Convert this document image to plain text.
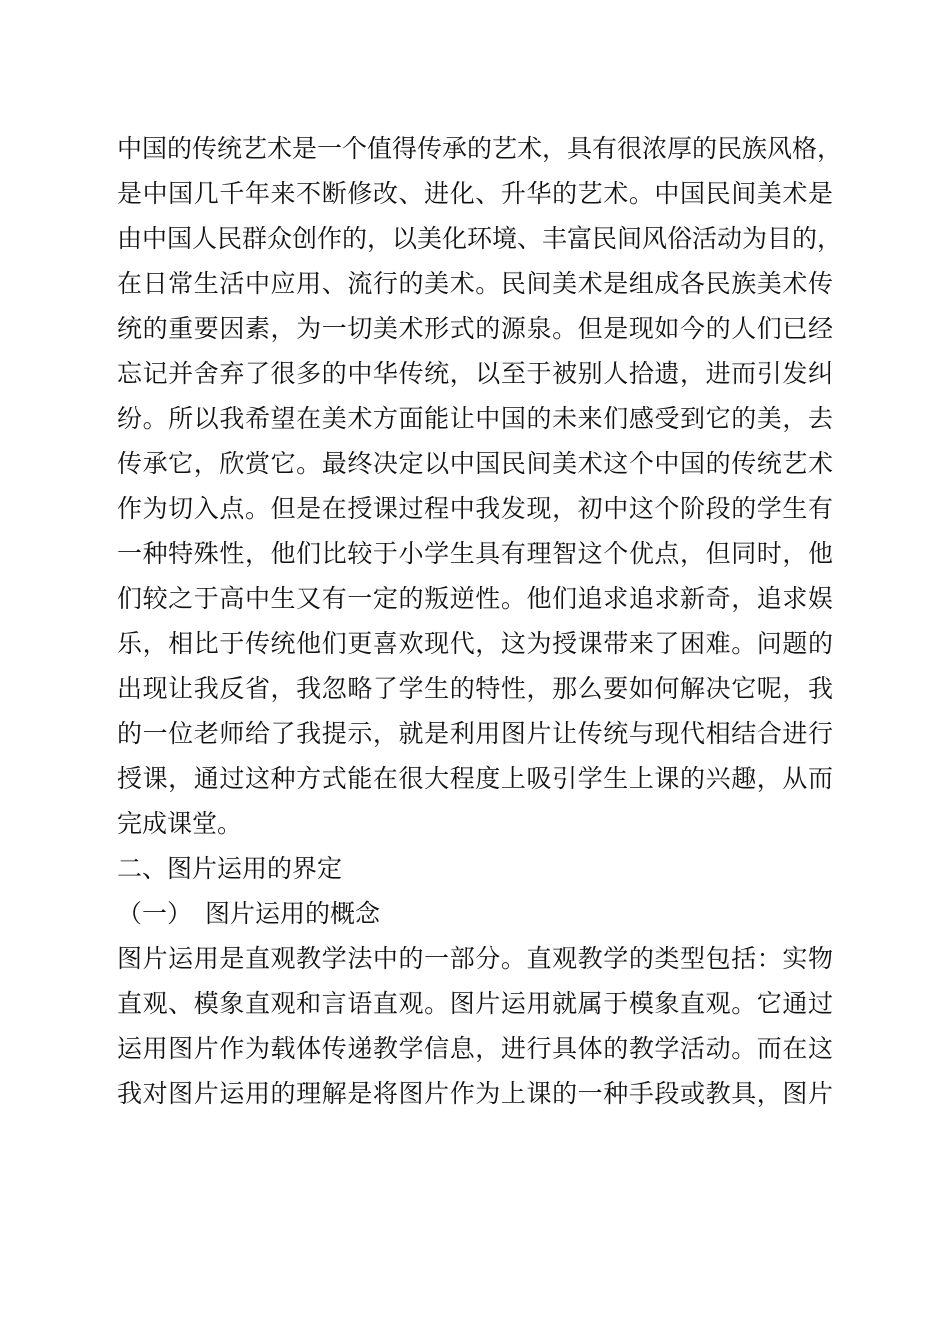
中国的传统艺术是一个值得传承的艺术，具有很浓厚的民族风格，
是中国几千年来不断修改、进化、升华的艺术。中国民间美术是
由中国人民群众创作的，以美化环境、丰富民间风俗活动为目的，
在日常生活中应用、流行的美术。民间美术是组成各民族美术传
统的重要因素，为一切美术形式的源泉。但是现如今的人们已经
忘记并舍弃了很多的中华传统，以至于被别人拾遗，进而引发纠
纷。所以我希望在美术方面能让中国的未来们感受到它的美，去
传承它，欣赏它。最终决定以中国民间美术这个中国的传统艺术
作为切入点。但是在授课过程中我发现，初中这个阶段的学生有
一种特殊性，他们比较于小学生具有理智这个优点，但同时，他
们较之于高中生又有一定的叛逆性。他们追求追求新奇，追求娱
乐，相比于传统他们更喜欢现代，这为授课带来了困难。问题的
出现让我反省，我忽略了学生的特性，那么要如何解决它呢，我
的一位老师给了我提示，就是利用图片让传统与现代相结合进行
授课，通过这种方式能在很大程度上吸引学生上课的兴趣，从而
完成课堂。
二、图片运用的界定
（一） 图片运用的概念
图片运用是直观教学法中的一部分。直观教学的类型包括：实物
直观、模象直观和言语直观。图片运用就属于模象直观。它通过
运用图片作为载体传递教学信息，进行具体的教学活动。而在这
我对图片运用的理解是将图片作为上课的一种手段或教具，图片
